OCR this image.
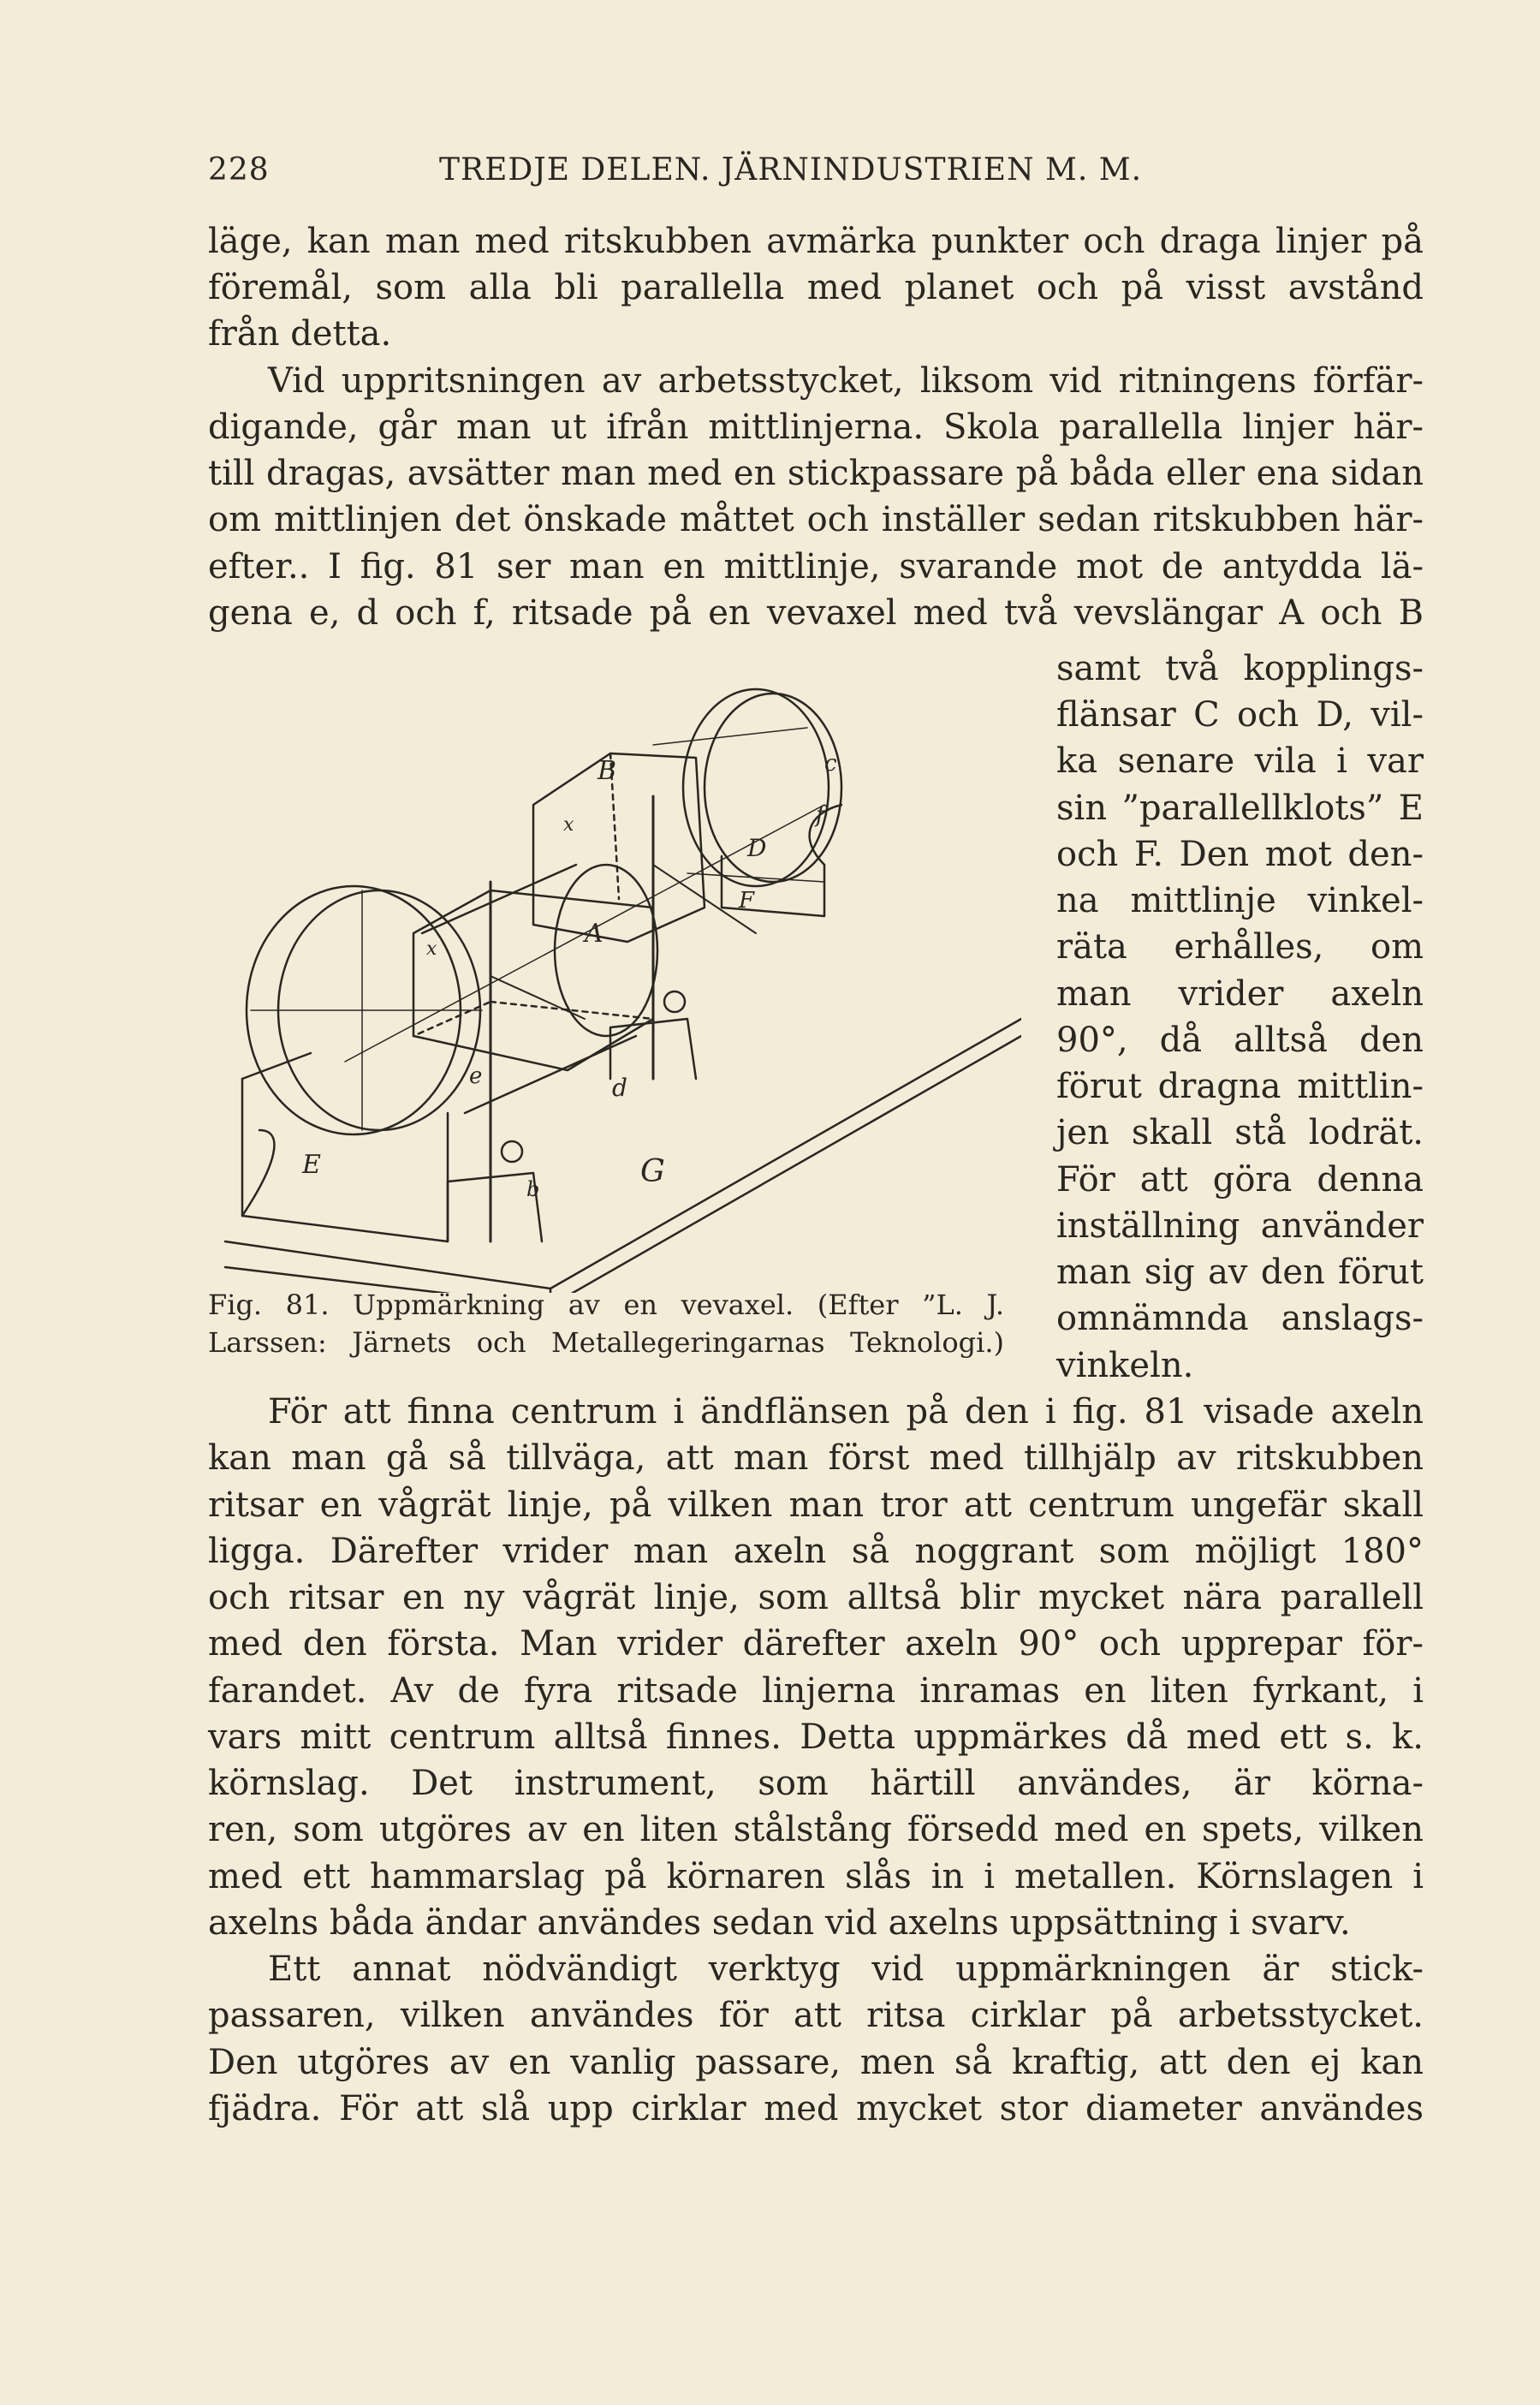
228	TREDJE DELEN. JÄRNINDUSTRIEN M. M.
läge, kan man med ritskubben avmärka punkter och draga linjer på
föremål, som alla bli parallella med planet och på visst avstånd
från detta.
Vid uppritsningen av arbetsstycket, liksom vid ritningens förfär-
digande, går man ut ifrån mittlinjerna. Skola parallella linjer här-
till dragas, avsätter man med en stickpassare på båda eller ena sidan
om mittlinjen det önskade måttet och inställer sedan ritskubben här-
efter.. I fig. 81 ser man en mittlinje, svarande mot de antydda lä-
gena e, d och f, ritsade på en vevaxel med två vevslängar A och B
A
B	c
d
e
f
D
E
F
G
x
x
b
samt två kopplings-
flänsar C och D, vil-
ka senare vila i var
sin ”parallellklots” E
och F. Den mot den-
na mittlinje vinkel-
räta erhålles, om
man vrider axeln
90°, då alltså den
förut dragna mittlin-
jen skall stå lodrät.
För att göra denna
inställning använder
man sig av den förut
omnämnda anslags-
vinkeln.
Fig. 81. Uppmärkning av en vevaxel. (Efter ”L. J.
Larssen: Järnets och Metallegeringarnas Teknologi.)
För att finna centrum i ändflänsen på den i fig. 81 visade axeln
kan man gå så tillväga, att man först med tillhjälp av ritskubben
ritsar en vågrät linje, på vilken man tror att centrum ungefär skall
ligga. Därefter vrider man axeln så noggrant som möjligt 180°
och ritsar en ny vågrät linje, som alltså blir mycket nära parallell
med den första. Man vrider därefter axeln 90° och upprepar för-
farandet. Av de fyra ritsade linjerna inramas en liten fyrkant, i
vars mitt centrum alltså finnes. Detta uppmärkes då med ett s. k.
körnslag. Det instrument, som härtill användes, är körna-
ren, som utgöres av en liten stålstång försedd med en spets, vilken
med ett hammarslag på körnaren slås in i metallen. Körnslagen i
axelns båda ändar användes sedan vid axelns uppsättning i svarv.
Ett annat nödvändigt verktyg vid uppmärkningen är stick-
passaren, vilken användes för att ritsa cirklar på arbetsstycket.
Den utgöres av en vanlig passare, men så kraftig, att den ej kan
fjädra. För att slå upp cirklar med mycket stor diameter användes
